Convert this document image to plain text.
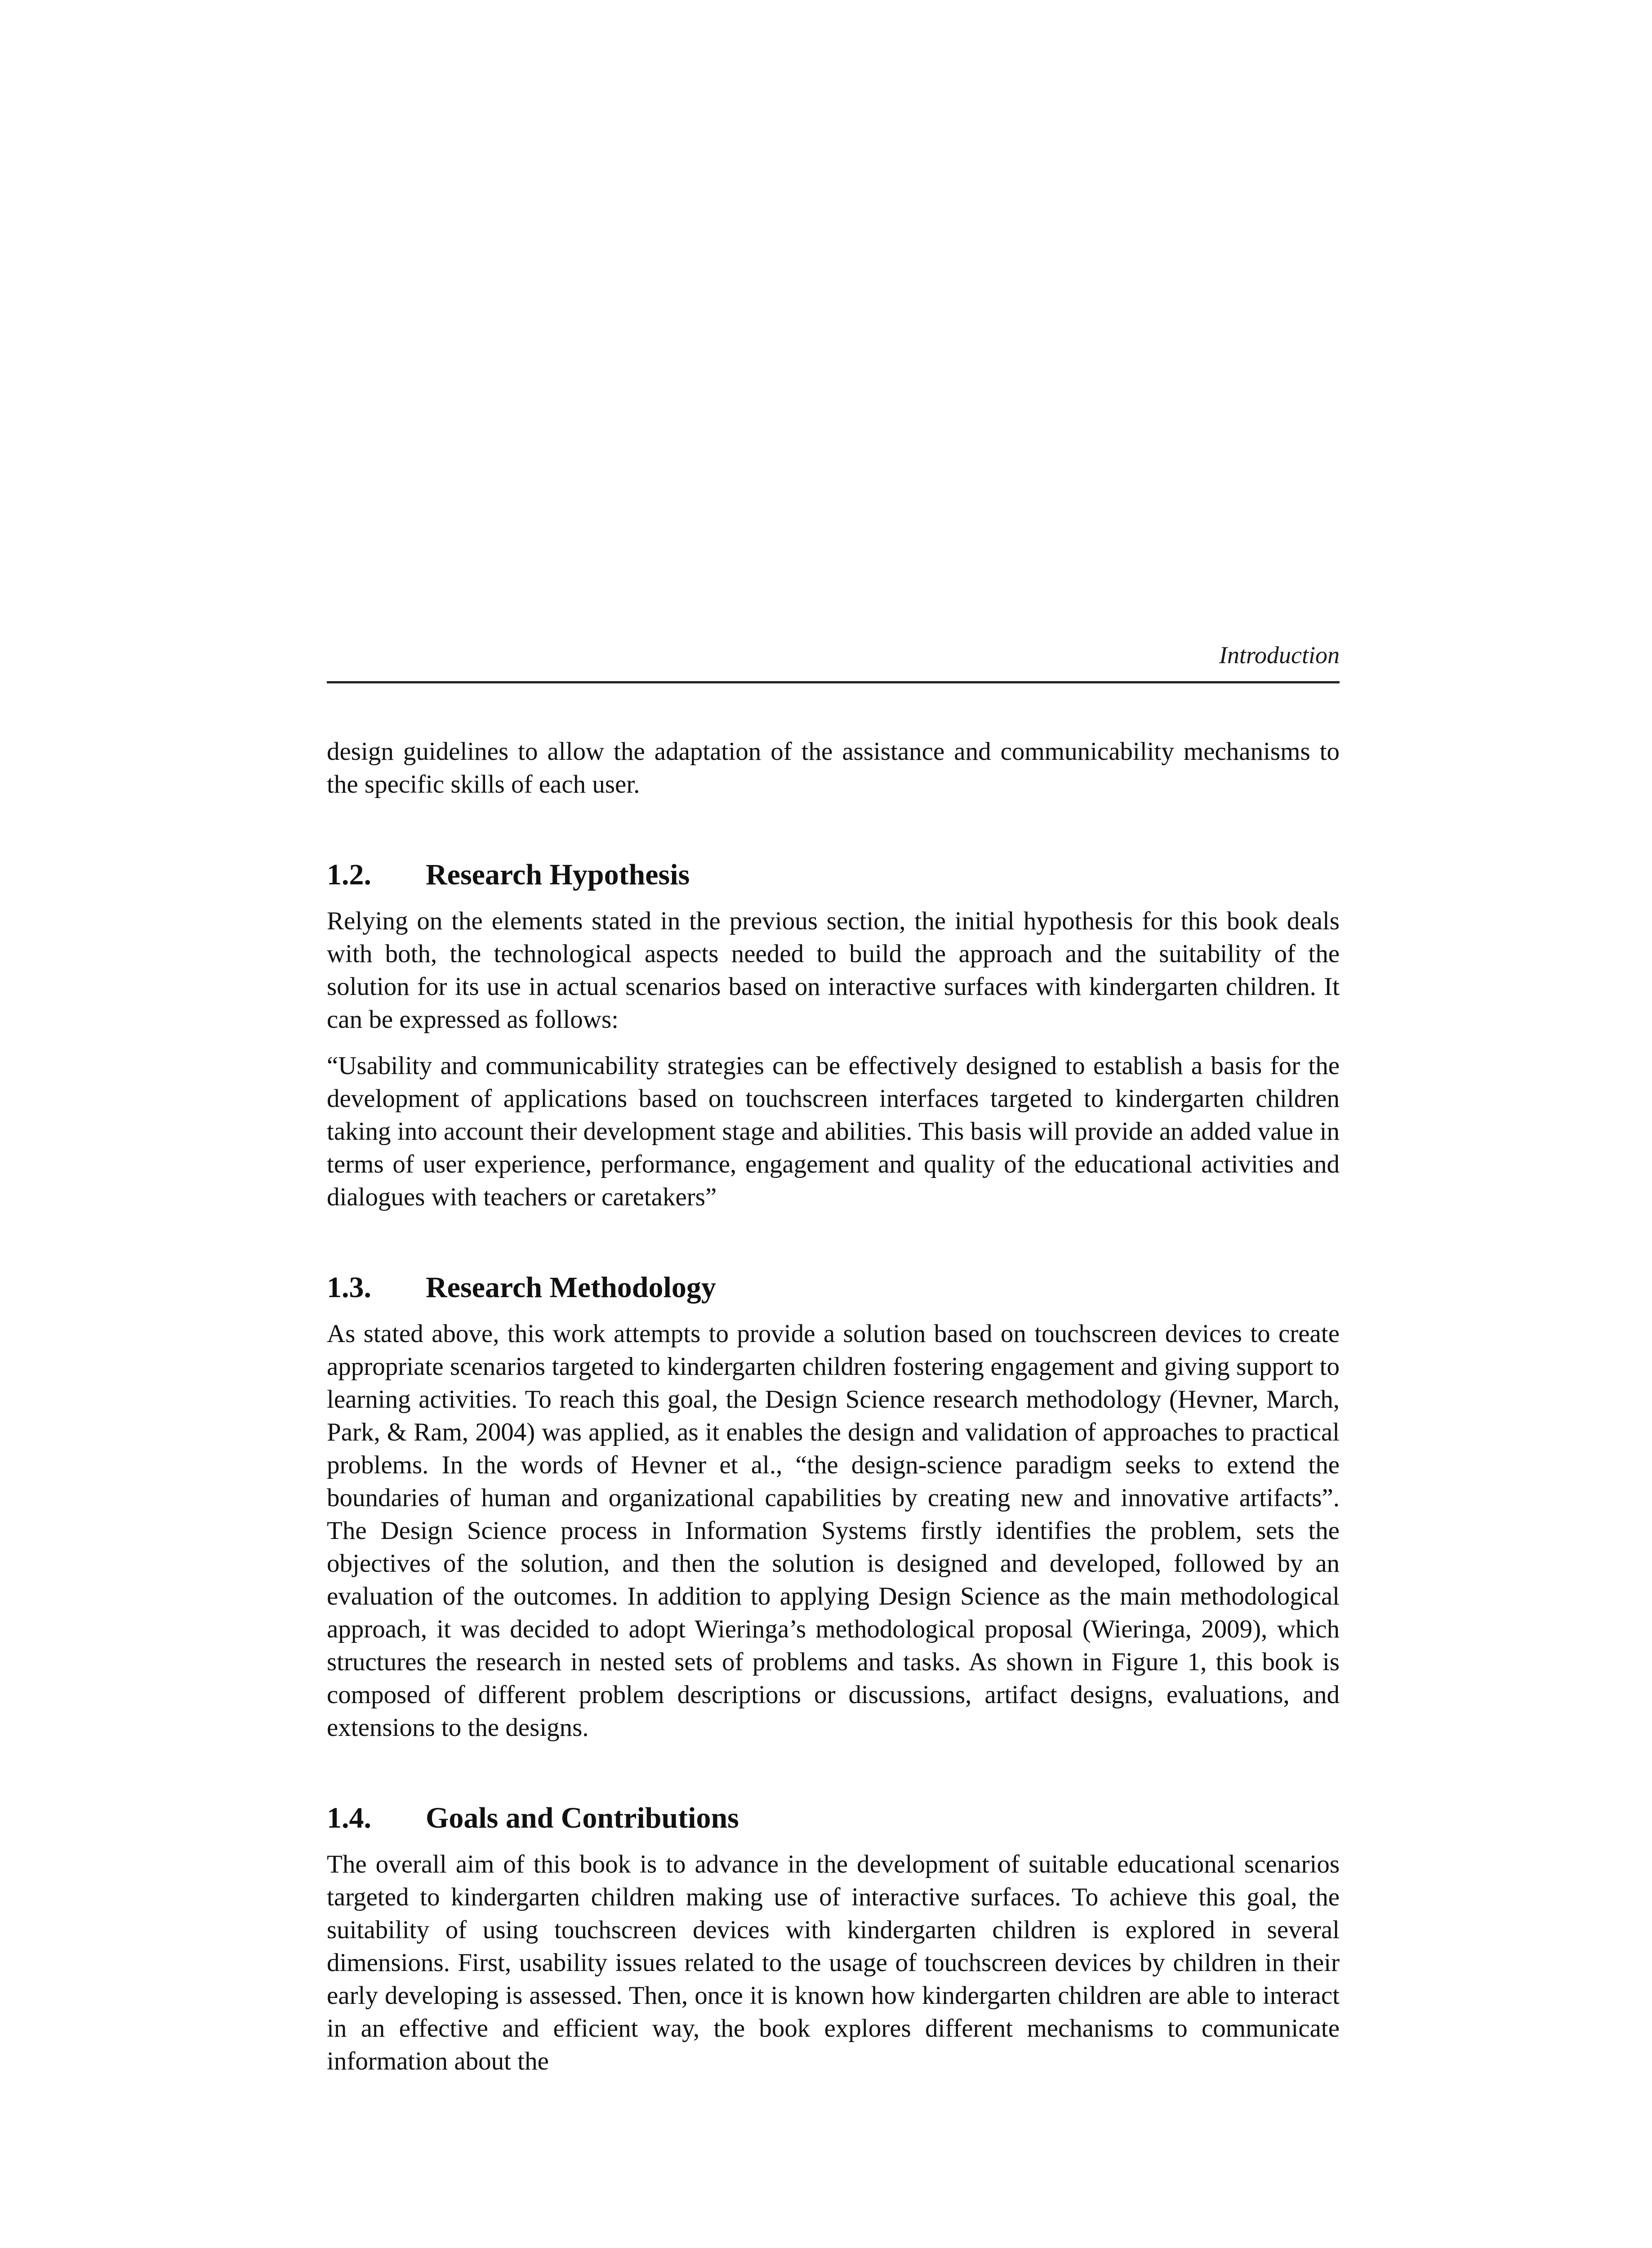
Introduction

design guidelines to allow the adaptation of the assistance and communicability mechanisms to the specific skills of each user.

1.2.	Research Hypothesis

Relying on the elements stated in the previous section, the initial hypothesis for this book deals with both, the technological aspects needed to build the approach and the suitability of the solution for its use in actual scenarios based on interactive surfaces with kindergarten children. It can be expressed as follows:

“Usability and communicability strategies can be effectively designed to establish a basis for the development of applications based on touchscreen interfaces targeted to kindergarten children taking into account their development stage and abilities. This basis will provide an added value in terms of user experience, performance, engagement and quality of the educational activities and dialogues with teachers or caretakers”

1.3.	Research Methodology

As stated above, this work attempts to provide a solution based on touchscreen devices to create appropriate scenarios targeted to kindergarten children fostering engagement and giving support to learning activities. To reach this goal, the Design Science research methodology (Hevner, March, Park, & Ram, 2004) was applied, as it enables the design and validation of approaches to practical problems. In the words of Hevner et al., “the design-science paradigm seeks to extend the boundaries of human and organizational capabilities by creating new and innovative artifacts”. The Design Science process in Information Systems firstly identifies the problem, sets the objectives of the solution, and then the solution is designed and developed, followed by an evaluation of the outcomes. In addition to applying Design Science as the main methodological approach, it was decided to adopt Wieringa’s methodological proposal (Wieringa, 2009), which structures the research in nested sets of problems and tasks. As shown in Figure 1, this book is composed of different problem descriptions or discussions, artifact designs, evaluations, and extensions to the designs.

1.4.	Goals and Contributions

The overall aim of this book is to advance in the development of suitable educational scenarios targeted to kindergarten children making use of interactive surfaces. To achieve this goal, the suitability of using touchscreen devices with kindergarten children is explored in several dimensions. First, usability issues related to the usage of touchscreen devices by children in their early developing is assessed. Then, once it is known how kindergarten children are able to interact in an effective and efficient way, the book explores different mechanisms to communicate information about the
